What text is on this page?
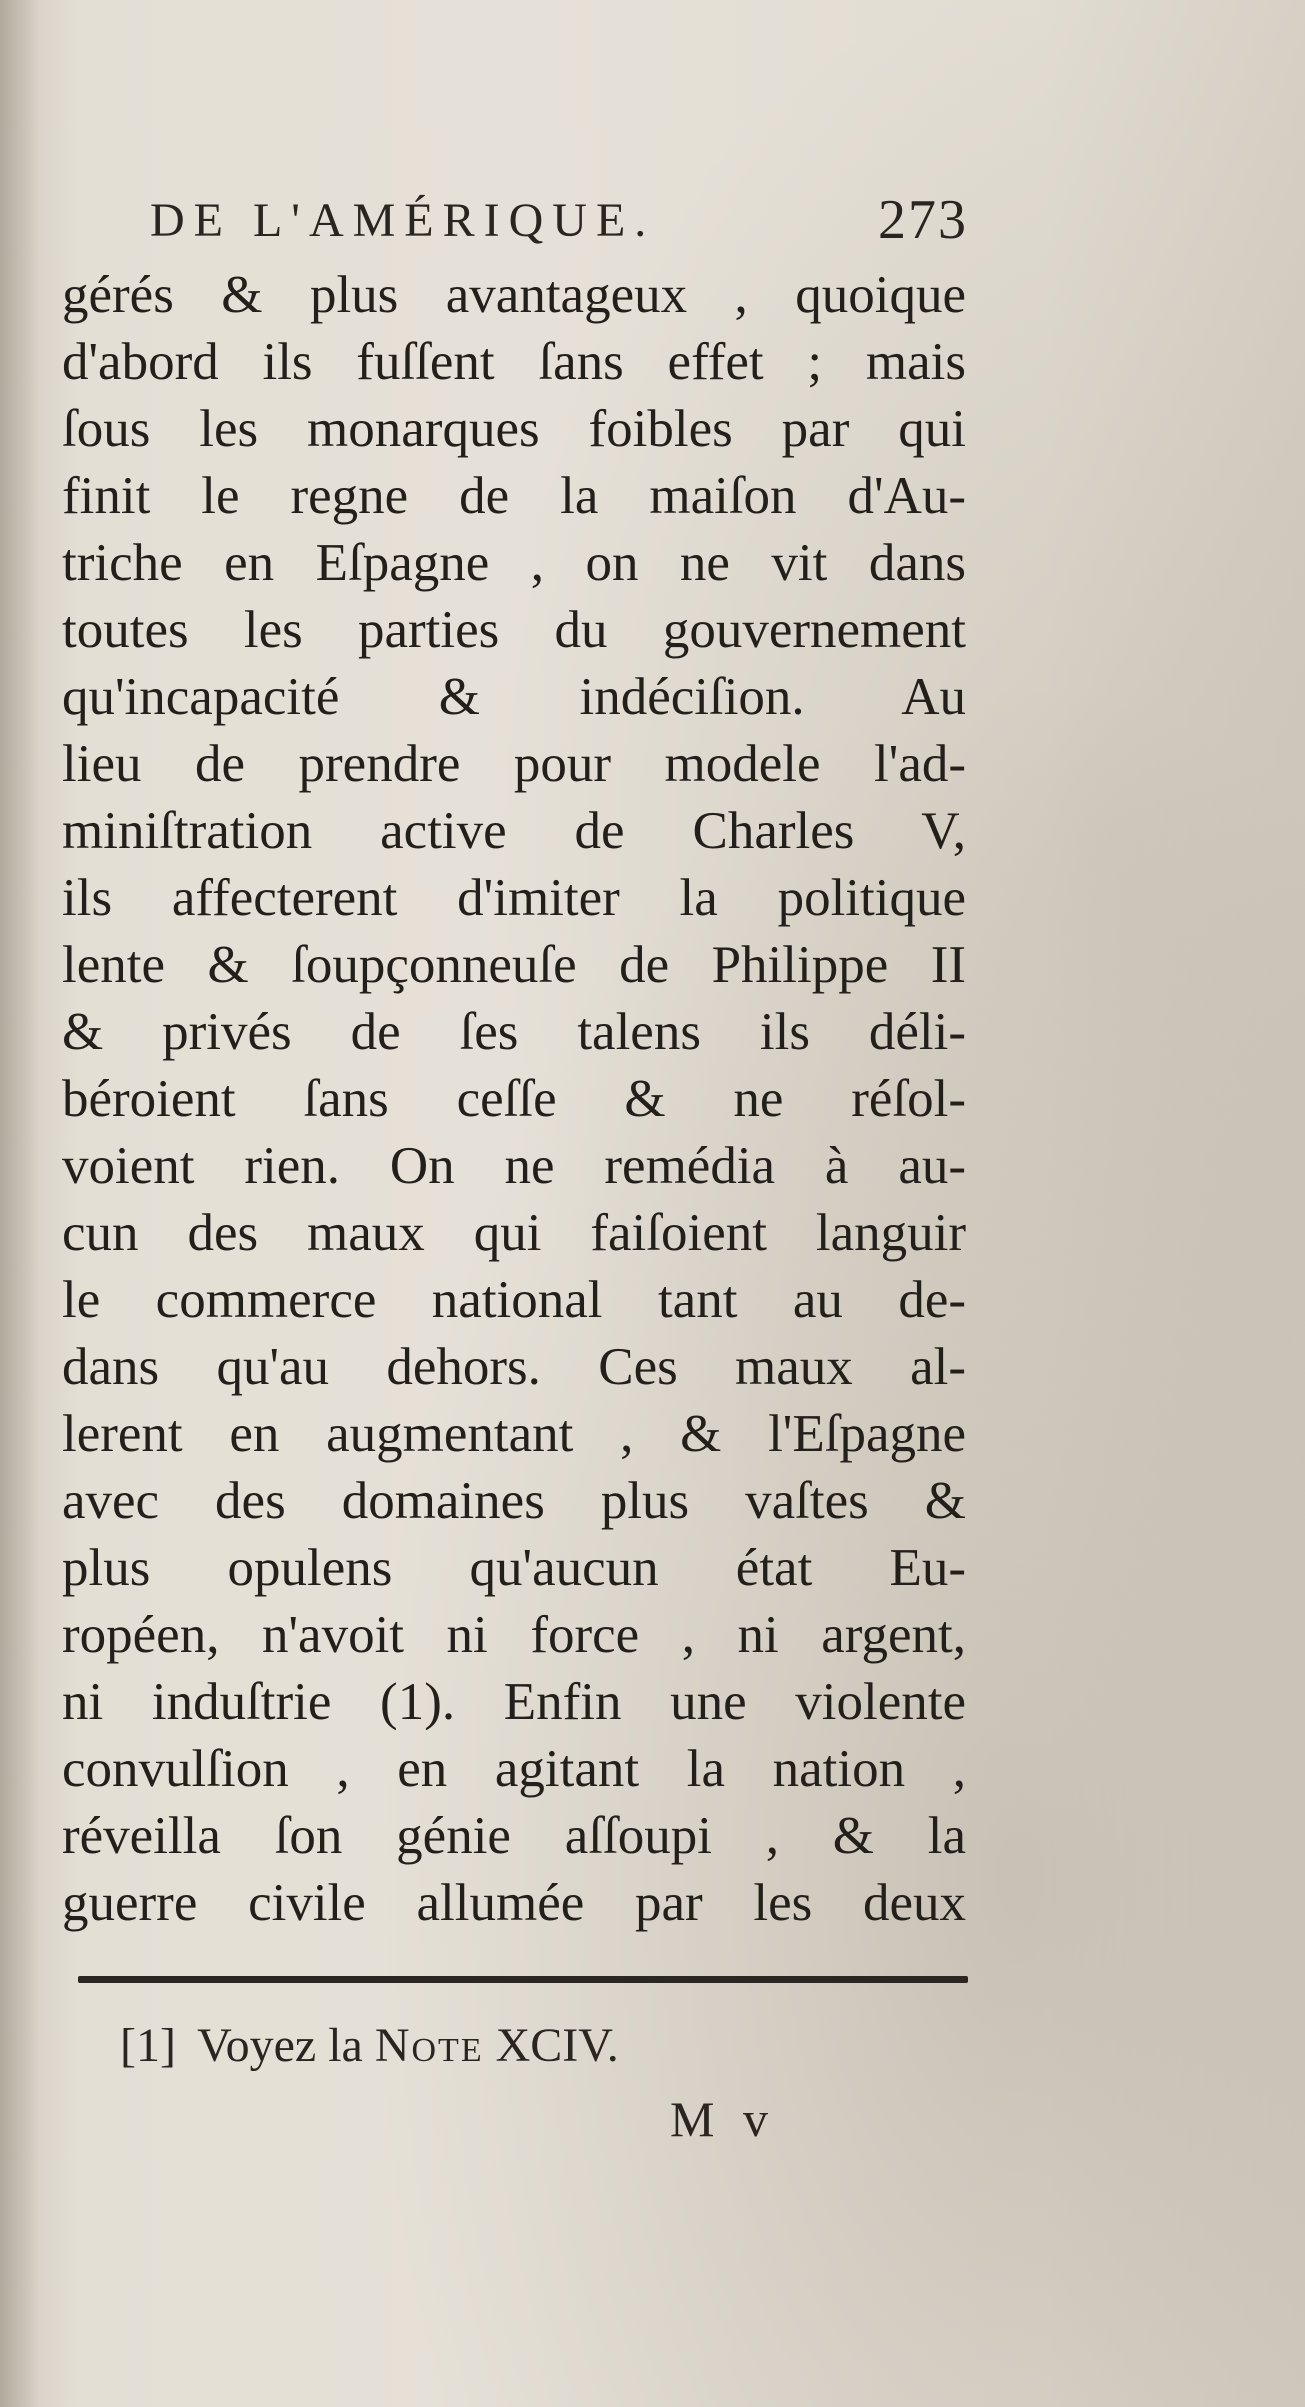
DE L'AMÉRIQUE.	273
gérés & plus avantageux , quoique
d'abord ils fuſſent ſans effet ; mais
ſous les monarques foibles par qui
finit le regne de la maiſon d'Au-
triche en Eſpagne , on ne vit dans
toutes les parties du gouvernement
qu'incapacité & indéciſion. Au
lieu de prendre pour modele l'ad-
miniſtration active de Charles V,
ils affecterent d'imiter la politique
lente & ſoupçonneuſe de Philippe II
& privés de ſes talens ils déli-
béroient ſans ceſſe & ne réſol-
voient rien. On ne remédia à au-
cun des maux qui faiſoient languir
le commerce national tant au de-
dans qu'au dehors. Ces maux al-
lerent en augmentant , & l'Eſpagne
avec des domaines plus vaſtes &
plus opulens qu'aucun état Eu-
ropéen, n'avoit ni force , ni argent,
ni induſtrie (1). Enfin une violente
convulſion , en agitant la nation ,
réveilla ſon génie aſſoupi , & la
guerre civile allumée par les deux
[1] Voyez la Note XCIV.
M v
